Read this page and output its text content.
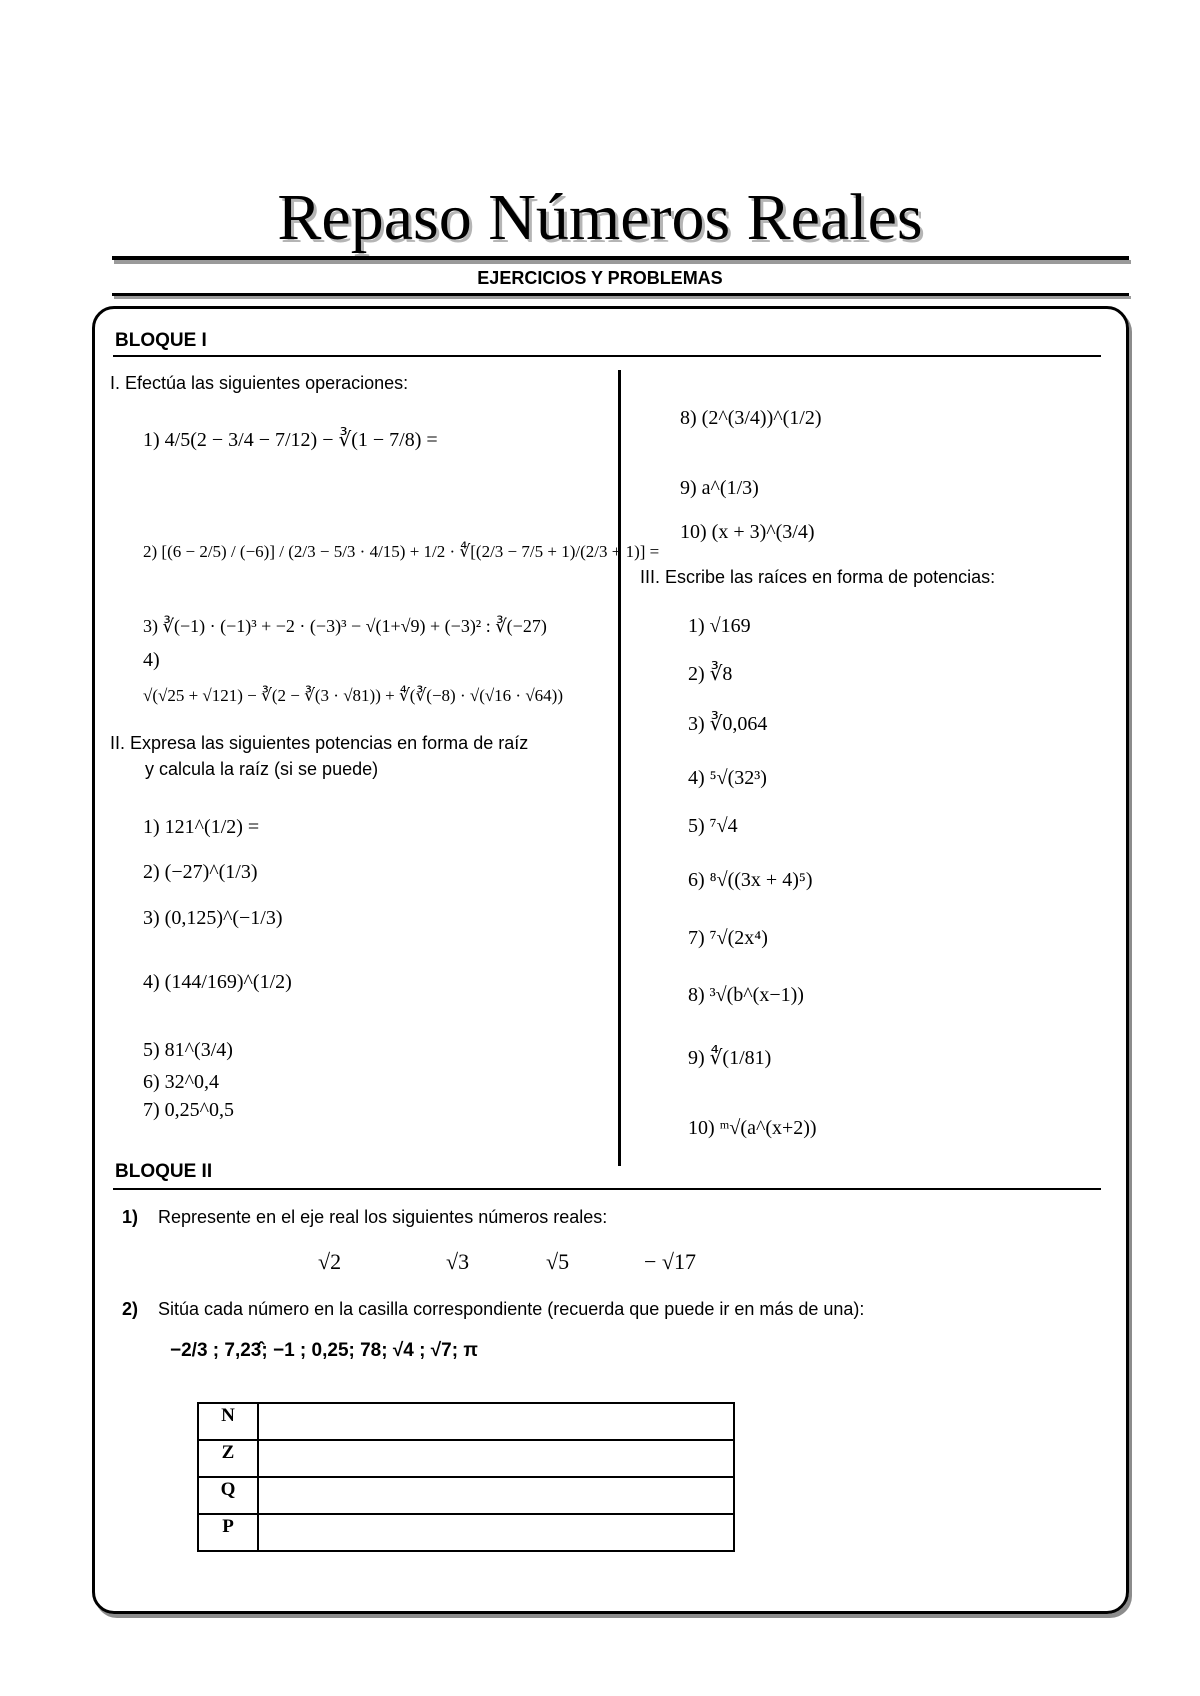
Repaso Números Reales
EJERCICIOS Y PROBLEMAS
BLOQUE I
I. Efectúa las siguientes operaciones:
1) 4/5(2 − 3/4 − 7/12) − ∛(1 − 7/8) =
2) [(6 − 2/5) / (−6)] / (2/3 − 5/3 · 4/15) + 1/2 · ∜[(2/3 − 7/5 + 1)/(2/3 + 1)] =
3) ∛(−1) · (−1)³ + −2 · (−3)³ − √(1+√9) + (−3)² : ∛(−27)
4)
√(√25 + √121) − ∛(2 − ∛(3 · √81)) + ∜(∛(−8) · √(√16 · √64))
II. Expresa las siguientes potencias en forma de raíz
y calcula la raíz (si se puede)
1) 121^(1/2) =
2) (−27)^(1/3)
3) (0,125)^(−1/3)
4) (144/169)^(1/2)
5) 81^(3/4)
6) 32^0,4
7) 0,25^0,5
8) (2^(3/4))^(1/2)
9) a^(1/3)
10) (x + 3)^(3/4)
III. Escribe las raíces en forma de potencias:
1) √169
2) ∛8
3) ∛0,064
4) ⁵√(32³)
5) ⁷√4
6) ⁸√((3x + 4)⁵)
7) ⁷√(2x⁴)
8) ³√(b^(x−1))
9) ∜(1/81)
10) ᵐ√(a^(x+2))
BLOQUE II
1) Represente en el eje real los siguientes números reales:
√2	√3	√5	− √17
2) Sitúa cada número en la casilla correspondiente (recuerda que puede ir en más de una):
−2/3 ; 7,23̂; −1 ; 0,25; 78; √4 ; √7; π
N	
Z	
Q	
P	
